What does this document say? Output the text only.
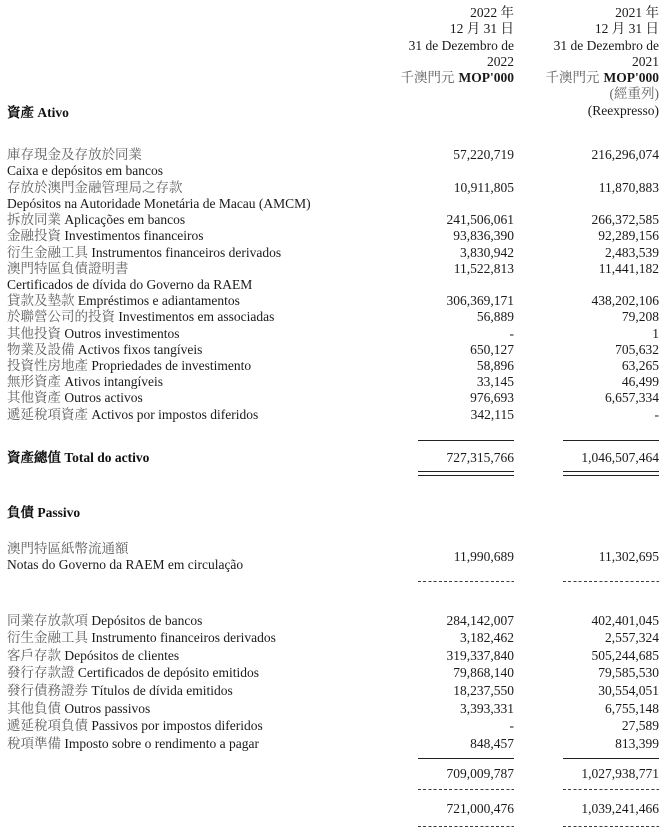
2022 年
12 月 31 日
31 de Dezembro de
2022
千澳門元 MOP'000
2021 年
12 月 31 日
31 de Dezembro de
2021
千澳門元 MOP'000
(經重列)
(Reexpresso)
資產 Ativo
庫存現金及存放於同業
Caixa e depósitos em bancos
57,220,719	216,296,074
存放於澳門金融管理局之存款
Depósitos na Autoridade Monetária de Macau (AMCM)
10,911,805	11,870,883
拆放同業 Aplicações em bancos	241,506,061	266,372,585
金融投資 Investimentos financeiros	93,836,390	92,289,156
衍生金融工具 Instrumentos financeiros derivados	3,830,942	2,483,539
澳門特區負債證明書
Certificados de dívida do Governo da RAEM
11,522,813	11,441,182
貸款及墊款 Empréstimos e adiantamentos	306,369,171	438,202,106
於聯營公司的投資 Investimentos em associadas	56,889	79,208
其他投資 Outros investimentos	-	1
物業及設備 Activos fixos tangíveis	650,127	705,632
投資性房地產 Propriedades de investimento	58,896	63,265
無形資產 Ativos intangíveis	33,145	46,499
其他資產 Outros activos	976,693	6,657,334
遞延稅項資產 Activos por impostos diferidos	342,115	-
資產總值 Total do activo	727,315,766	1,046,507,464
負債 Passivo
澳門特區紙幣流通額
Notas do Governo da RAEM em circulação
11,990,689	11,302,695
同業存放款項 Depósitos de bancos	284,142,007	402,401,045
衍生金融工具 Instrumento financeiros derivados	3,182,462	2,557,324
客戶存款 Depósitos de clientes	319,337,840	505,244,685
發行存款證 Certificados de depósito emitidos	79,868,140	79,585,530
發行債務證券 Títulos de dívida emitidos	18,237,550	30,554,051
其他負債 Outros passivos	3,393,331	6,755,148
遞延稅項負債 Passivos por impostos diferidos	-	27,589
稅項準備 Imposto sobre o rendimento a pagar	848,457	813,399
709,009,787	1,027,938,771
721,000,476	1,039,241,466
